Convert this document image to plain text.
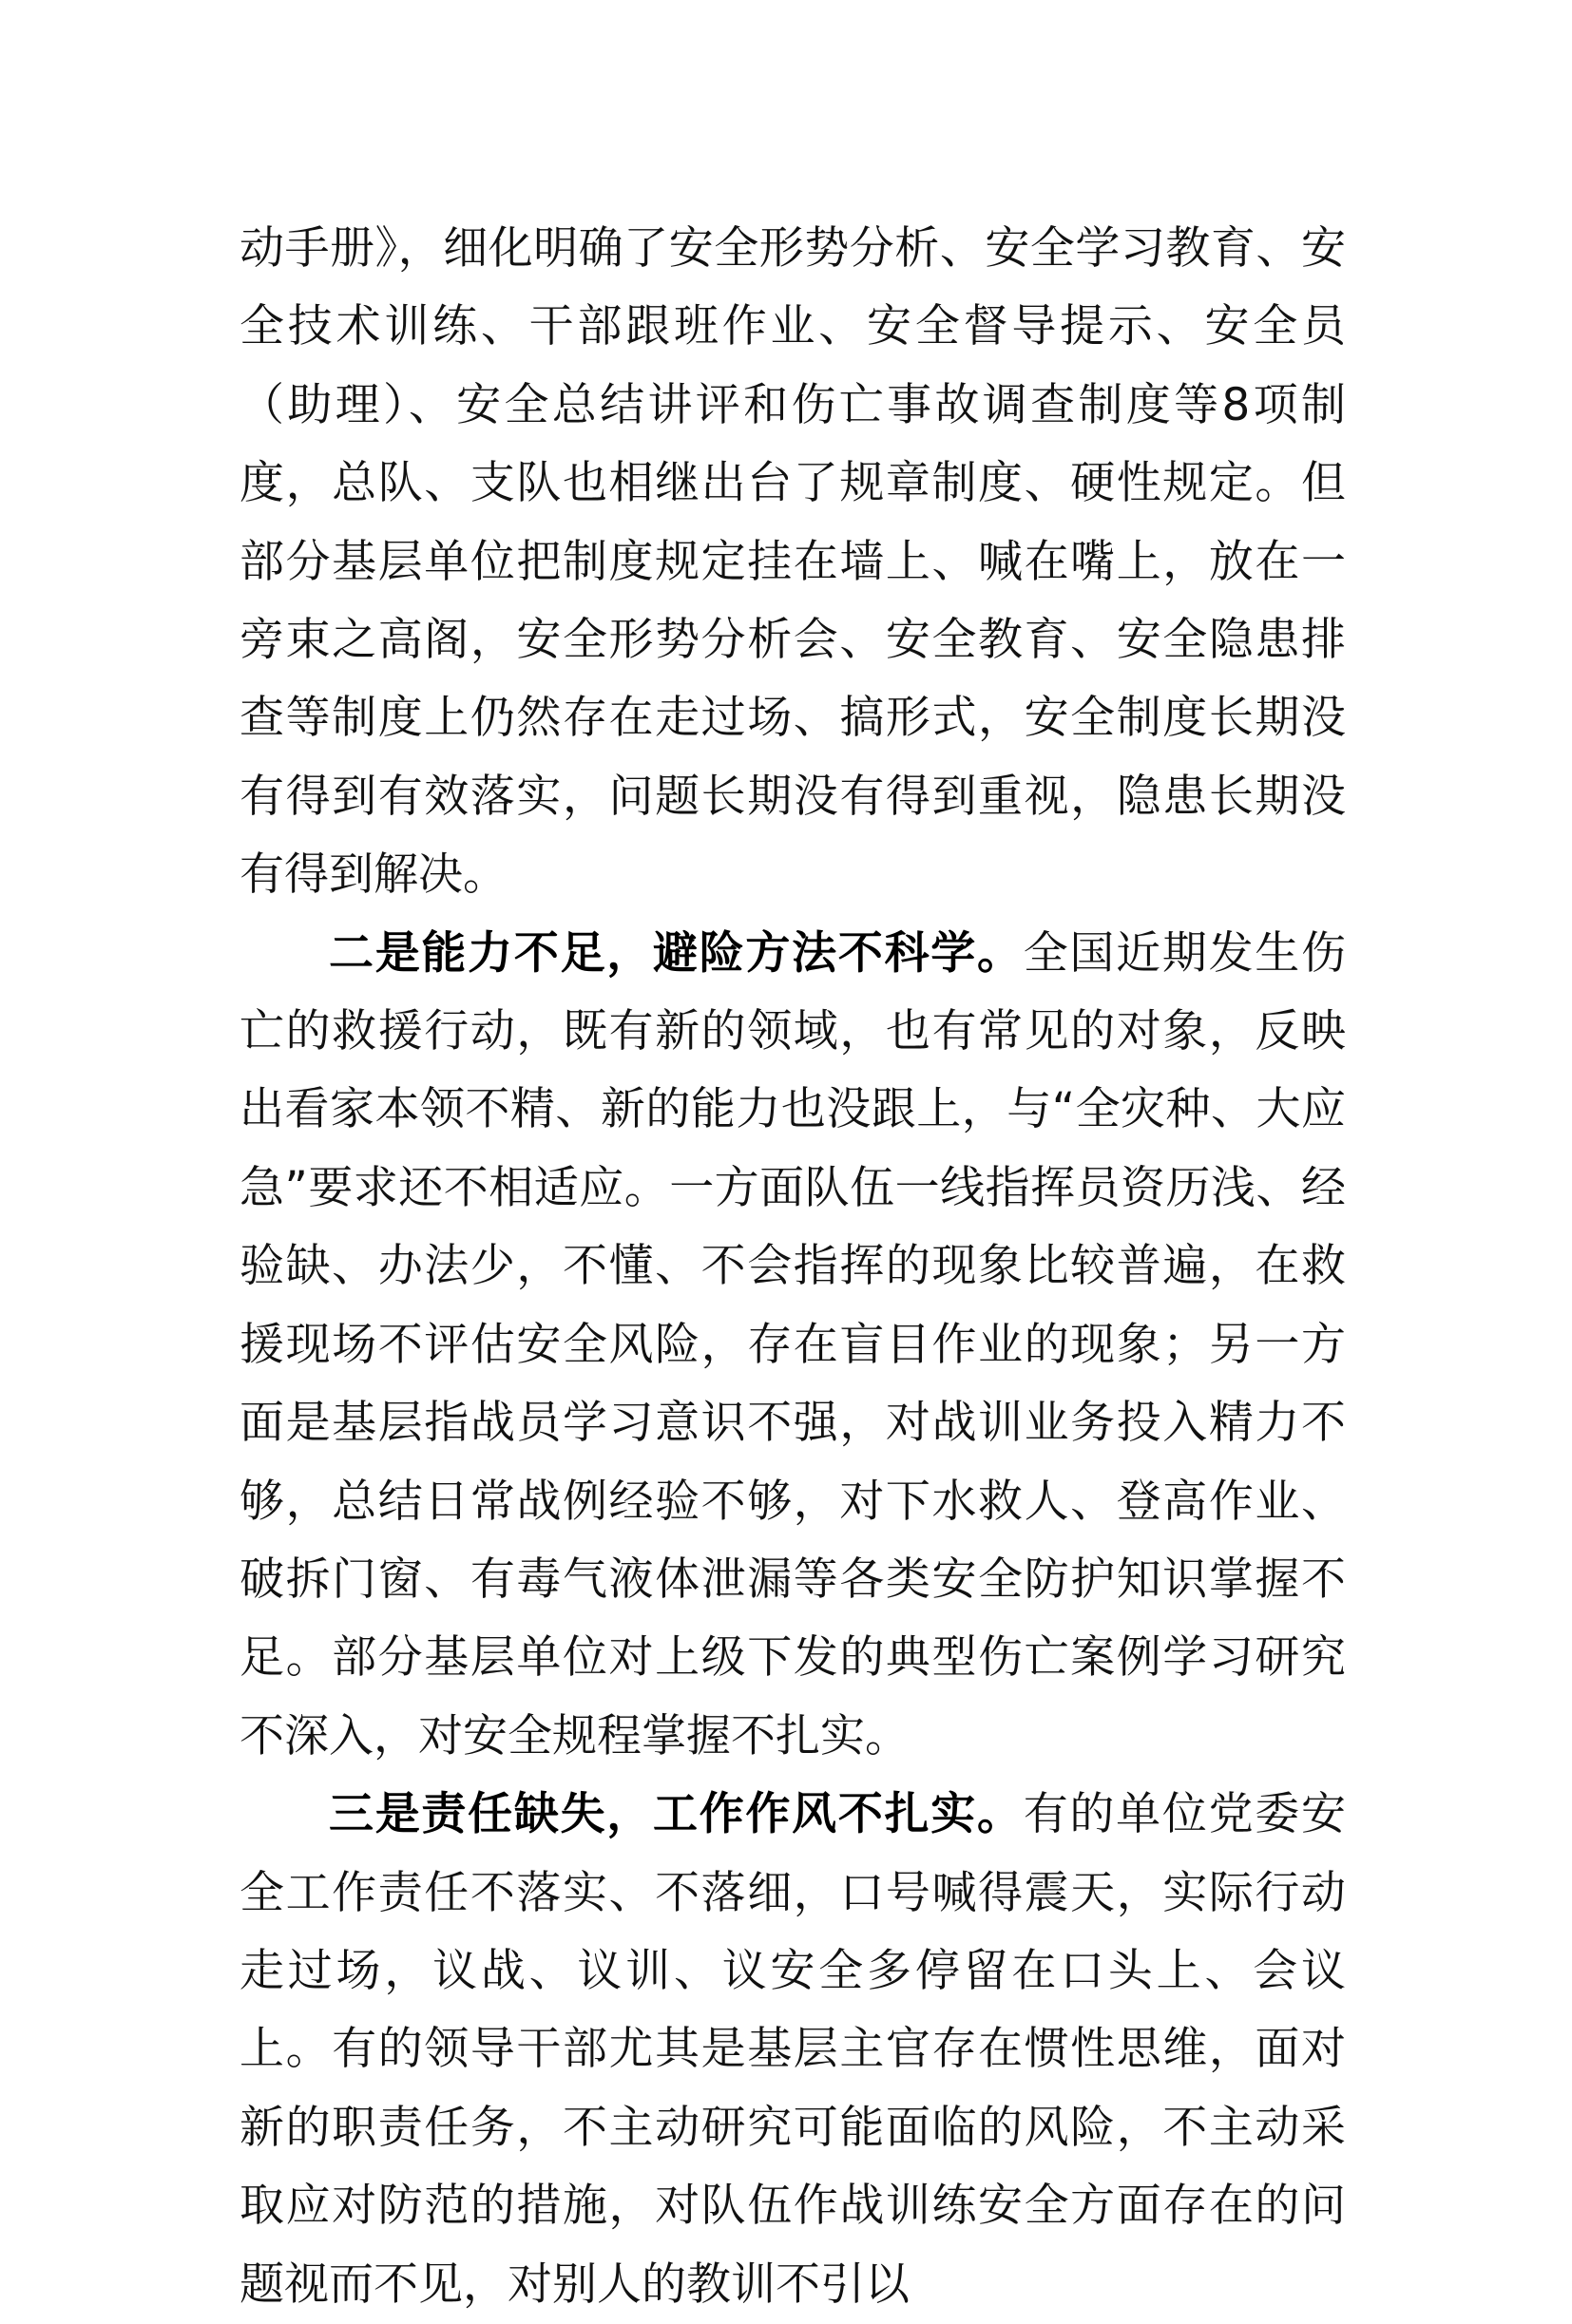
动手册》，细化明确了安全形势分析、安全学习教育、安全技术训练、干部跟班作业、安全督导提示、安全员（助理）、安全总结讲评和伤亡事故调查制度等8项制度，总队、支队也相继出台了规章制度、硬性规定。但部分基层单位把制度规定挂在墙上、喊在嘴上，放在一旁束之高阁，安全形势分析会、安全教育、安全隐患排查等制度上仍然存在走过场、搞形式，安全制度长期没有得到有效落实，问题长期没有得到重视，隐患长期没有得到解决。

二是能力不足，避险方法不科学。全国近期发生伤亡的救援行动，既有新的领域，也有常见的对象，反映出看家本领不精、新的能力也没跟上，与“全灾种、大应急”要求还不相适应。一方面队伍一线指挥员资历浅、经验缺、办法少，不懂、不会指挥的现象比较普遍，在救援现场不评估安全风险，存在盲目作业的现象；另一方面是基层指战员学习意识不强，对战训业务投入精力不够，总结日常战例经验不够，对下水救人、登高作业、破拆门窗、有毒气液体泄漏等各类安全防护知识掌握不足。部分基层单位对上级下发的典型伤亡案例学习研究不深入，对安全规程掌握不扎实。

三是责任缺失，工作作风不扎实。有的单位党委安全工作责任不落实、不落细，口号喊得震天，实际行动走过场，议战、议训、议安全多停留在口头上、会议上。有的领导干部尤其是基层主官存在惯性思维，面对新的职责任务，不主动研究可能面临的风险，不主动采取应对防范的措施，对队伍作战训练安全方面存在的问题视而不见，对别人的教训不引以
